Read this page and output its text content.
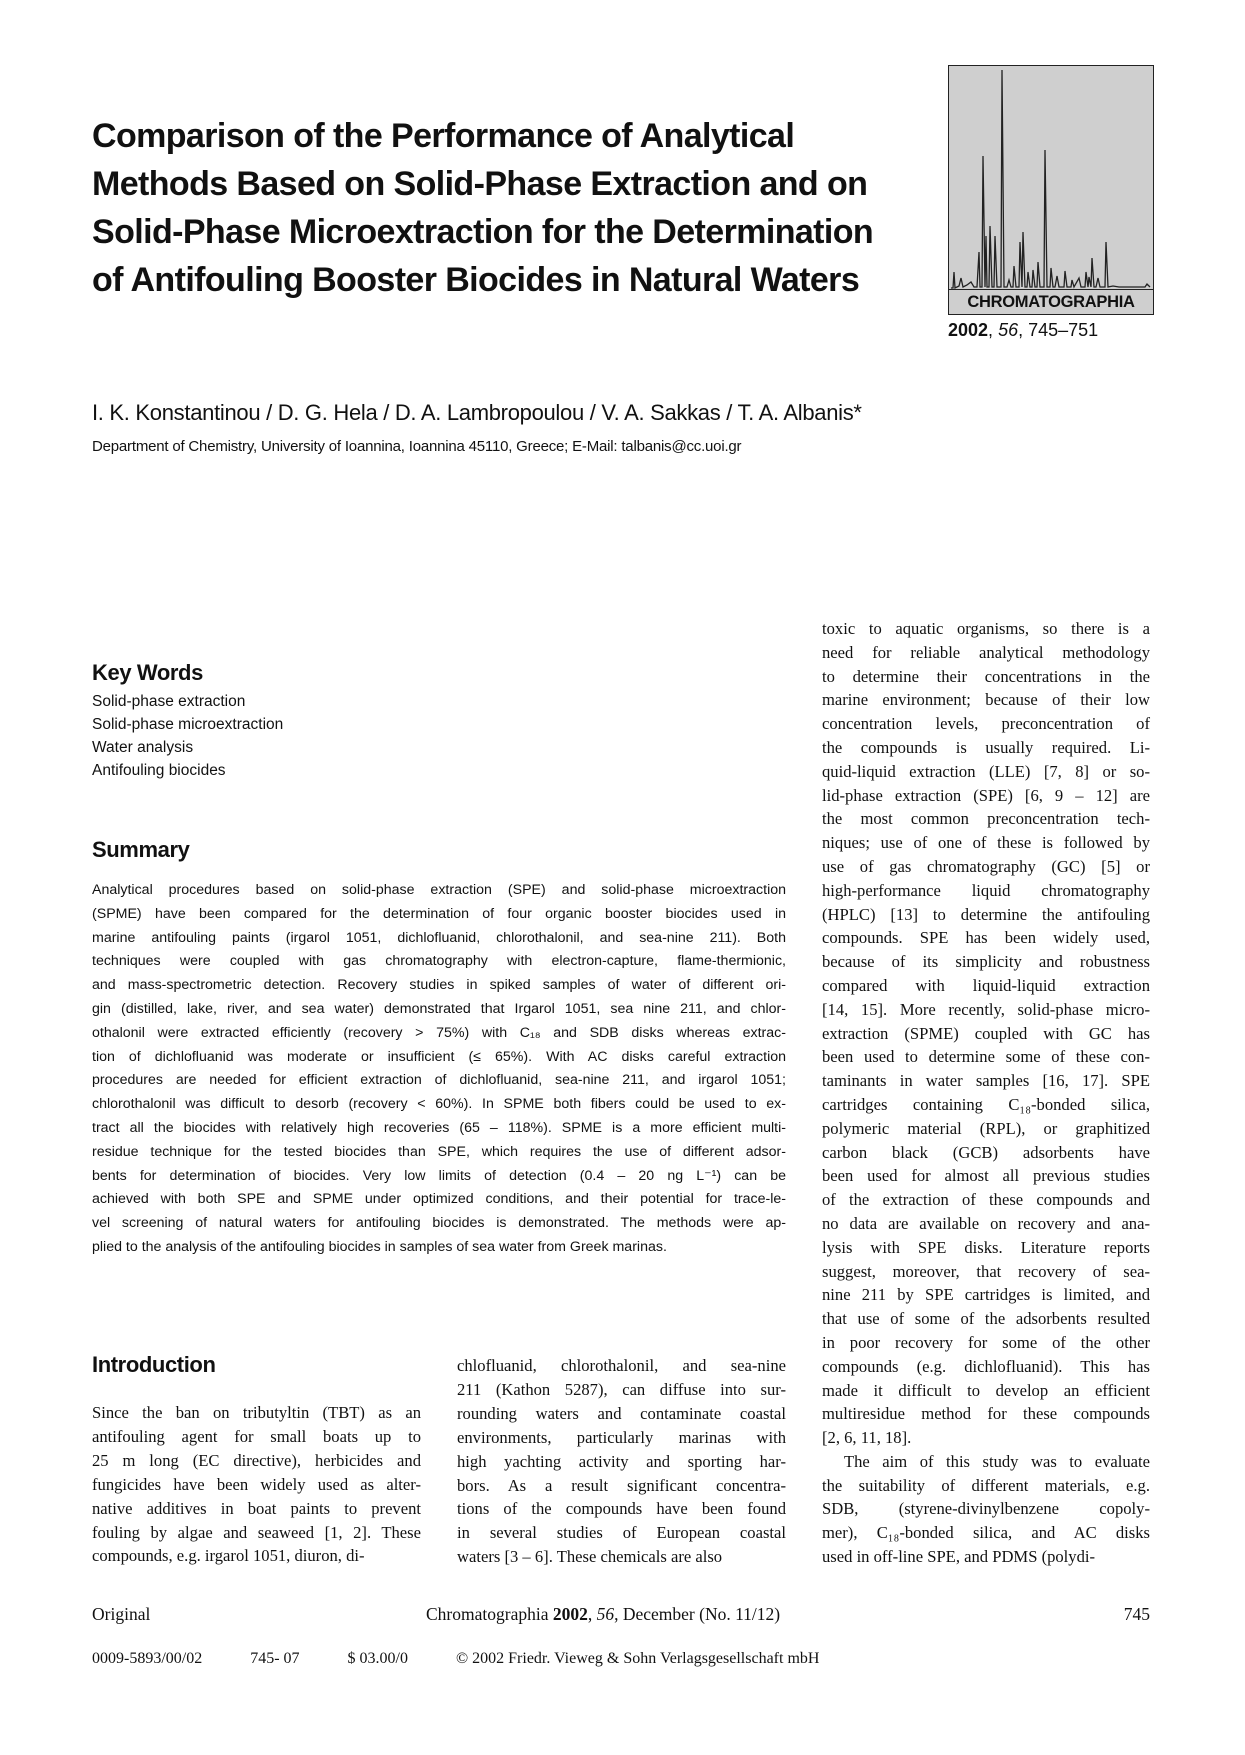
Comparison of the Performance of Analytical
Methods Based on Solid-Phase Extraction and on
Solid-Phase Microextraction for the Determination
of Antifouling Booster Biocides in Natural Waters
CHROMATOGRAPHIA
2002, 56, 745–751
I. K. Konstantinou / D. G. Hela / D. A. Lambropoulou / V. A. Sakkas / T. A. Albanis*
Department of Chemistry, University of Ioannina, Ioannina 45110, Greece; E-Mail: talbanis@cc.uoi.gr
Key Words
Solid-phase extraction
Solid-phase microextraction
Water analysis
Antifouling biocides
Summary
Analytical procedures based on solid-phase extraction (SPE) and solid-phase microextraction
(SPME) have been compared for the determination of four organic booster biocides used in
marine antifouling paints (irgarol 1051, dichlofluanid, chlorothalonil, and sea-nine 211). Both
techniques were coupled with gas chromatography with electron-capture, flame-thermionic,
and mass-spectrometric detection. Recovery studies in spiked samples of water of different ori-
gin (distilled, lake, river, and sea water) demonstrated that Irgarol 1051, sea nine 211, and chlor-
othalonil were extracted efficiently (recovery > 75%) with C₁₈ and SDB disks whereas extrac-
tion of dichlofluanid was moderate or insufficient (≤ 65%). With AC disks careful extraction
procedures are needed for efficient extraction of dichlofluanid, sea-nine 211, and irgarol 1051;
chlorothalonil was difficult to desorb (recovery < 60%). In SPME both fibers could be used to ex-
tract all the biocides with relatively high recoveries (65 – 118%). SPME is a more efficient multi-
residue technique for the tested biocides than SPE, which requires the use of different adsor-
bents for determination of biocides. Very low limits of detection (0.4 – 20 ng L⁻¹) can be
achieved with both SPE and SPME under optimized conditions, and their potential for trace-le-
vel screening of natural waters for antifouling biocides is demonstrated. The methods were ap-
plied to the analysis of the antifouling biocides in samples of sea water from Greek marinas.
Introduction
Since the ban on tributyltin (TBT) as an
antifouling agent for small boats up to
25 m long (EC directive), herbicides and
fungicides have been widely used as alter-
native additives in boat paints to prevent
fouling by algae and seaweed [1, 2]. These
compounds, e.g. irgarol 1051, diuron, di-
chlofluanid, chlorothalonil, and sea-nine
211 (Kathon 5287), can diffuse into sur-
rounding waters and contaminate coastal
environments, particularly marinas with
high yachting activity and sporting har-
bors. As a result significant concentra-
tions of the compounds have been found
in several studies of European coastal
waters [3 – 6]. These chemicals are also
toxic to aquatic organisms, so there is a
need for reliable analytical methodology
to determine their concentrations in the
marine environment; because of their low
concentration levels, preconcentration of
the compounds is usually required. Li-
quid-liquid extraction (LLE) [7, 8] or so-
lid-phase extraction (SPE) [6, 9 – 12] are
the most common preconcentration tech-
niques; use of one of these is followed by
use of gas chromatography (GC) [5] or
high-performance liquid chromatography
(HPLC) [13] to determine the antifouling
compounds. SPE has been widely used,
because of its simplicity and robustness
compared with liquid-liquid extraction
[14, 15]. More recently, solid-phase micro-
extraction (SPME) coupled with GC has
been used to determine some of these con-
taminants in water samples [16, 17]. SPE
cartridges containing C₁₈-bonded silica,
polymeric material (RPL), or graphitized
carbon black (GCB) adsorbents have
been used for almost all previous studies
of the extraction of these compounds and
no data are available on recovery and ana-
lysis with SPE disks. Literature reports
suggest, moreover, that recovery of sea-
nine 211 by SPE cartridges is limited, and
that use of some of the adsorbents resulted
in poor recovery for some of the other
compounds (e.g. dichlofluanid). This has
made it difficult to develop an efficient
multiresidue method for these compounds
[2, 6, 11, 18].
The aim of this study was to evaluate
the suitability of different materials, e.g.
SDB, (styrene-divinylbenzene copoly-
mer), C₁₈-bonded silica, and AC disks
used in off-line SPE, and PDMS (polydi-
Original	Chromatographia 2002, 56, December (No. 11/12)	745
0009-5893/00/02	745- 07	$ 03.00/0	© 2002 Friedr. Vieweg & Sohn Verlagsgesellschaft mbH
